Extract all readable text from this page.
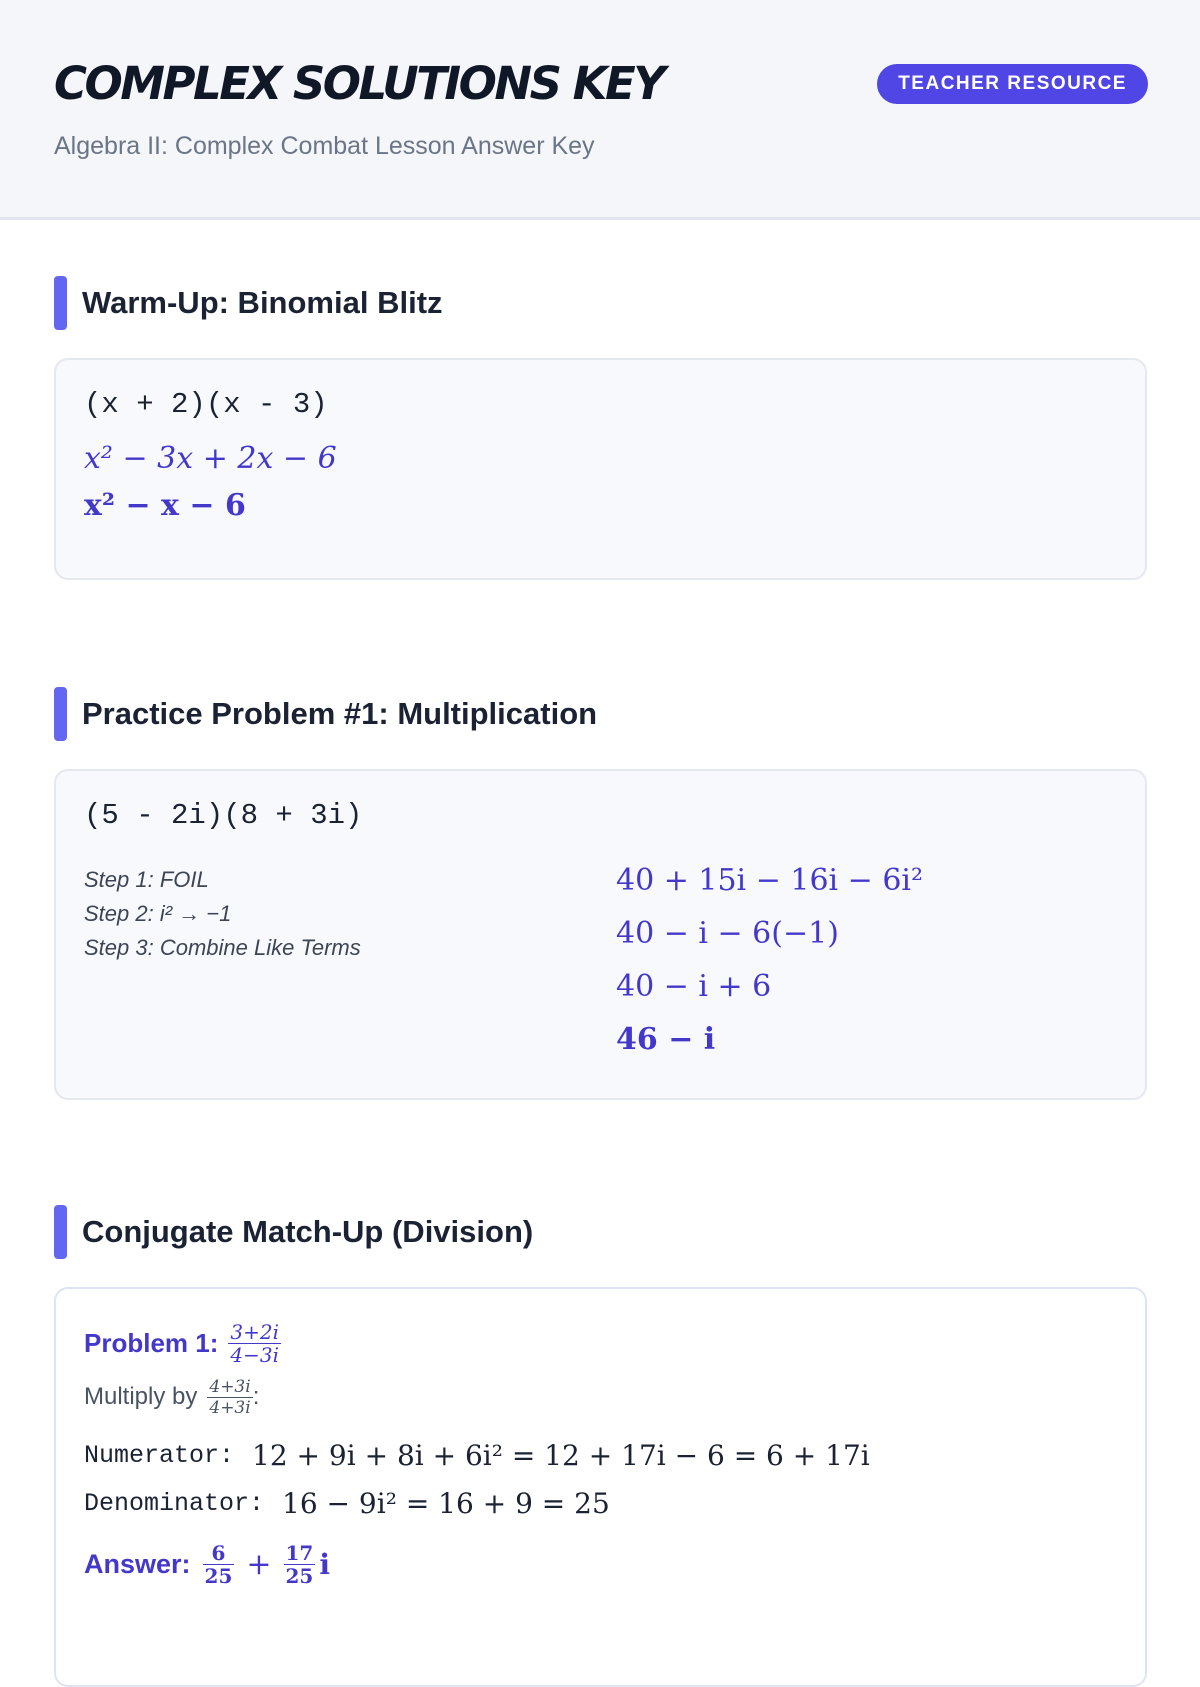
COMPLEX SOLUTIONS KEY
Algebra II: Complex Combat Lesson Answer Key
TEACHER RESOURCE
Warm-Up: Binomial Blitz
(x + 2)(x - 3)
x² − 3x + 2x − 6
x² − x − 6
Practice Problem #1: Multiplication
(5 - 2i)(8 + 3i)
Step 1: FOIL
Step 2: i² → −1
Step 3: Combine Like Terms
40 + 15i − 16i − 6i²
40 − i − 6(−1)
40 − i + 6
46 − i
Conjugate Match-Up (Division)
Problem 1: $\frac{3+2i}{4-3i}$
Multiply by $\frac{4+3i}{4+3i}$ :
Numerator: 12 + 9i + 8i + 6i² = 12 + 17i − 6 = 6 + 17i
Denominator: 16 − 9i² = 16 + 9 = 25
Answer: $\frac{6}{25} + \frac{17}{25}$ i
